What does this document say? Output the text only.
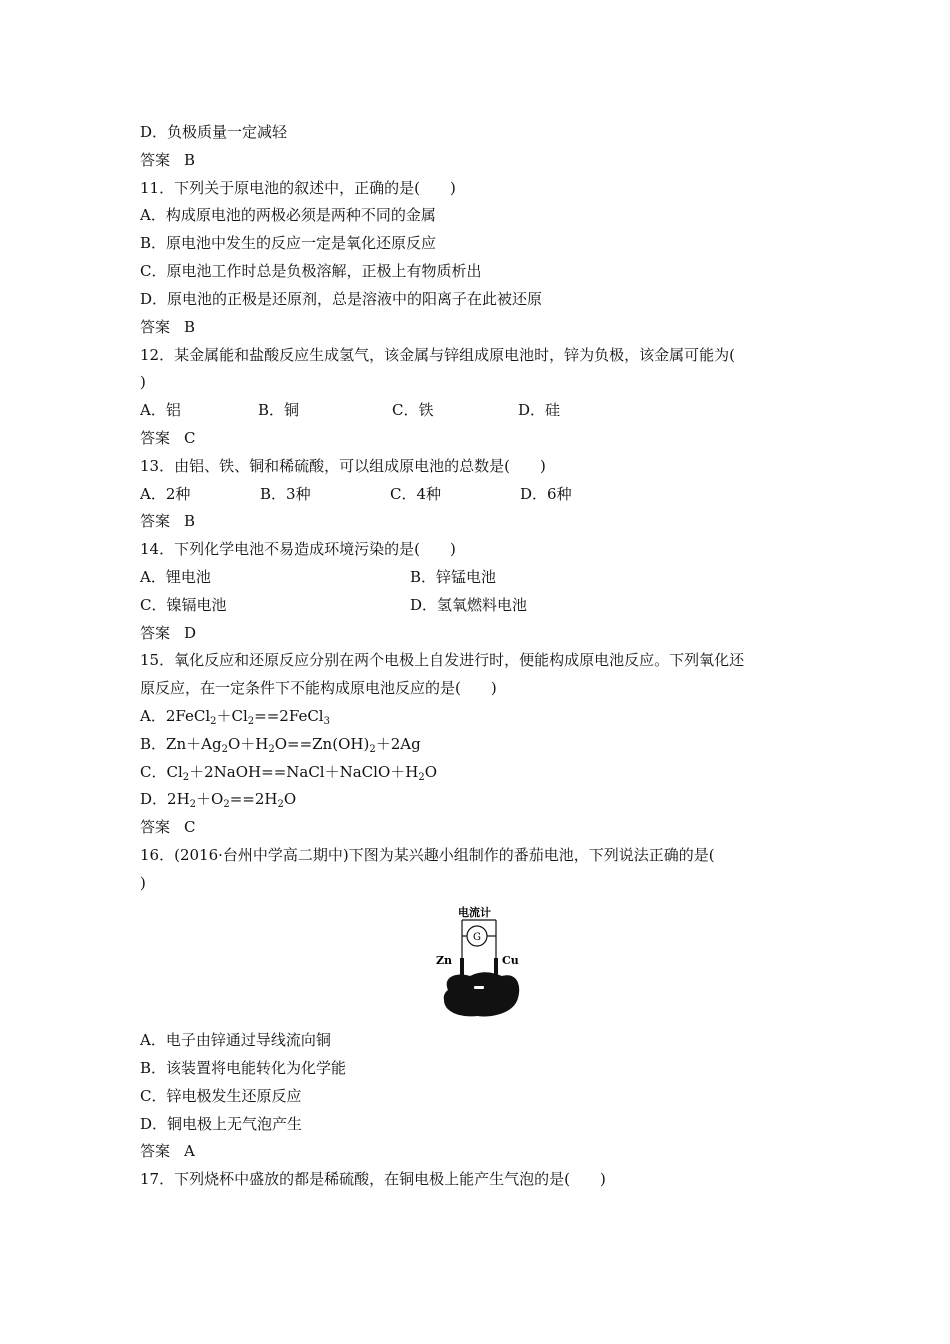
D．负极质量一定减轻
答案 B
11．下列关于原电池的叙述中，正确的是(　　)
A．构成原电池的两极必须是两种不同的金属
B．原电池中发生的反应一定是氧化还原反应
C．原电池工作时总是负极溶解，正极上有物质析出
D．原电池的正极是还原剂，总是溶液中的阳离子在此被还原
答案 B
12．某金属能和盐酸反应生成氢气，该金属与锌组成原电池时，锌为负极，该金属可能为(
)
A．铝	B．铜	C．铁	D．硅
答案 C
13．由铝、铁、铜和稀硫酸，可以组成原电池的总数是(　　)
A．2种	B．3种	C．4种	D．6种
答案 B
14．下列化学电池不易造成环境污染的是(　　)
A．锂电池	B．锌锰电池
C．镍镉电池	D．氢氧燃料电池
答案 D
15．氧化反应和还原反应分别在两个电极上自发进行时，便能构成原电池反应。下列氧化还
原反应，在一定条件下不能构成原电池反应的是(　　)
A．$2FeCl_2+Cl_2==2FeCl_3$
B．$Zn+Ag_2O+H_2O==Zn(OH)_2+2Ag$
C．$Cl_2+2NaOH==NaCl+NaClO+H_2O$
D．$2H_2+O_2==2H_2O$
答案 C
16．(2016·台州中学高二期中)下图为某兴趣小组制作的番茄电池，下列说法正确的是(
)
电流计
G
Zn	Cu
A．电子由锌通过导线流向铜
B．该装置将电能转化为化学能
C．锌电极发生还原反应
D．铜电极上无气泡产生
答案 A
17．下列烧杯中盛放的都是稀硫酸，在铜电极上能产生气泡的是(　　)
